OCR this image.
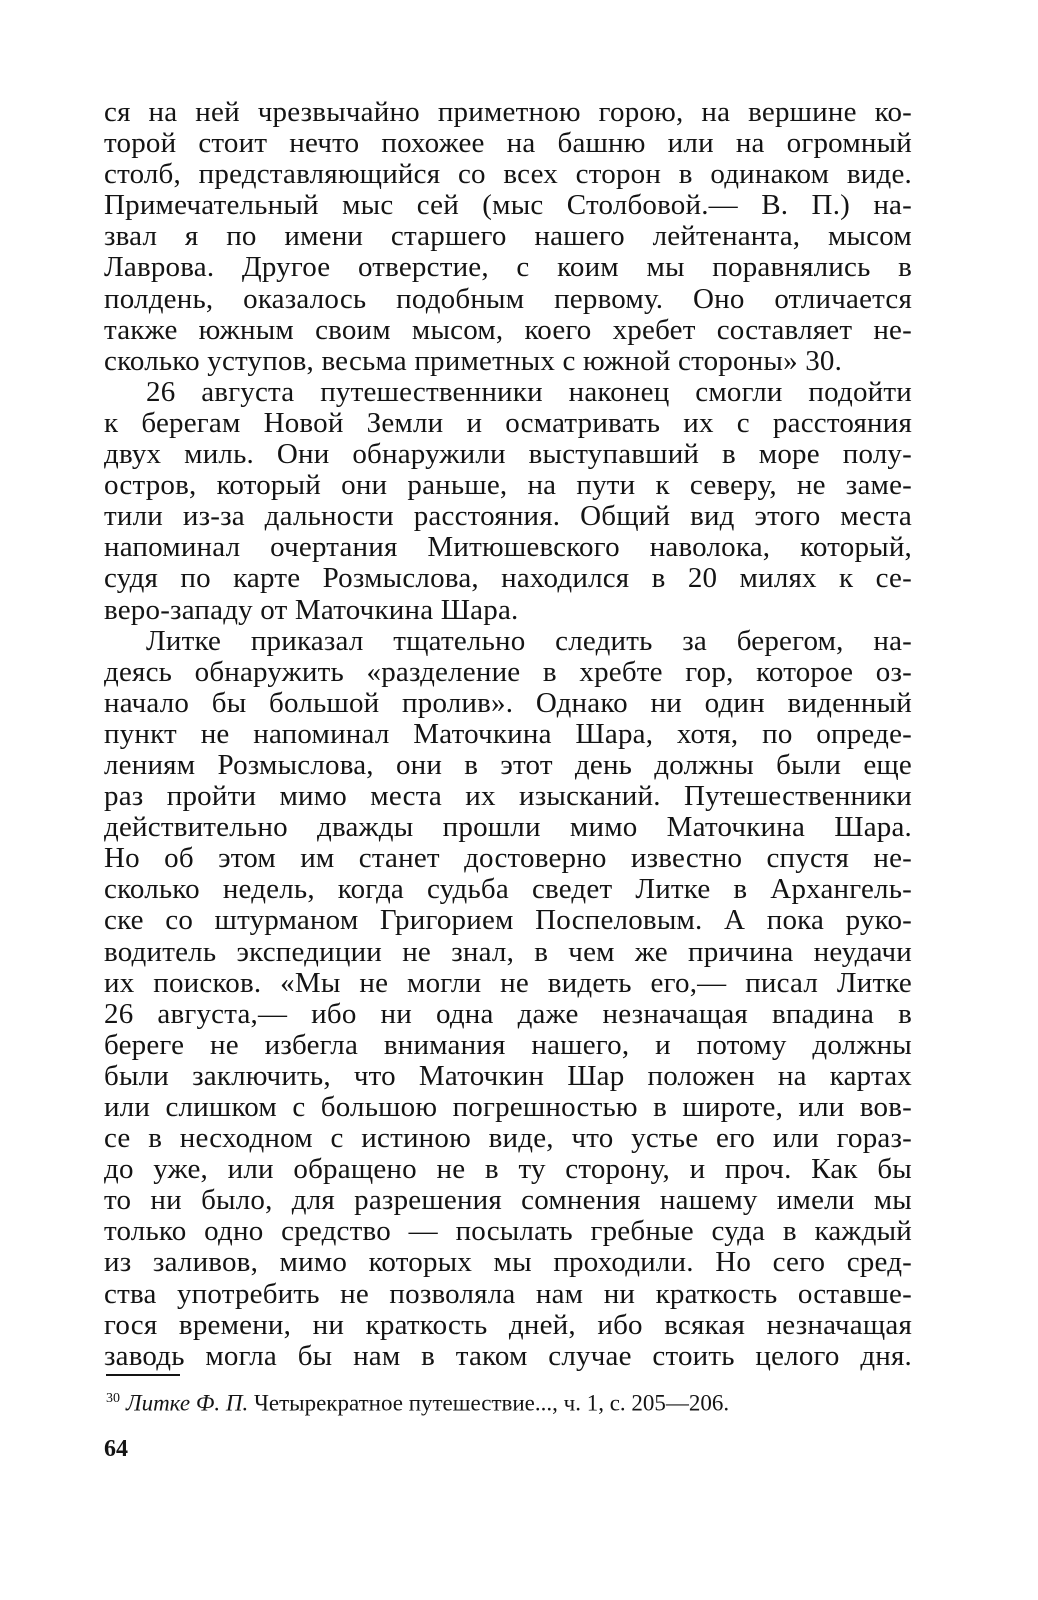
ся на ней чрезвычайно приметною горою, на вершине ко-
торой стоит нечто похожее на башню или на огромный
столб, представляющийся со всех сторон в одинаком виде.
Примечательный мыс сей (мыс Столбовой.— В. П.) на-
звал я по имени старшего нашего лейтенанта, мысом
Лаврова. Другое отверстие, с коим мы поравнялись в
полдень, оказалось подобным первому. Оно отличается
также южным своим мысом, коего хребет составляет не-
сколько уступов, весьма приметных с южной стороны» 30.
26 августа путешественники наконец смогли подойти
к берегам Новой Земли и осматривать их с расстояния
двух миль. Они обнаружили выступавший в море полу-
остров, который они раньше, на пути к северу, не заме-
тили из-за дальности расстояния. Общий вид этого места
напоминал очертания Митюшевского наволока, который,
судя по карте Розмыслова, находился в 20 милях к се-
веро-западу от Маточкина Шара.
Литке приказал тщательно следить за берегом, на-
деясь обнаружить «разделение в хребте гор, которое оз-
начало бы большой пролив». Однако ни один виденный
пункт не напоминал Маточкина Шара, хотя, по опреде-
лениям Розмыслова, они в этот день должны были еще
раз пройти мимо места их изысканий. Путешественники
действительно дважды прошли мимо Маточкина Шара.
Но об этом им станет достоверно известно спустя не-
сколько недель, когда судьба сведет Литке в Архангель-
ске со штурманом Григорием Поспеловым. А пока руко-
водитель экспедиции не знал, в чем же причина неудачи
их поисков. «Мы не могли не видеть его,— писал Литке
26 августа,— ибо ни одна даже незначащая впадина в
береге не избегла внимания нашего, и потому должны
были заключить, что Маточкин Шар положен на картах
или слишком с большою погрешностью в широте, или вов-
се в несходном с истиною виде, что устье его или горaз-
до уже, или обращено не в ту сторону, и проч. Как бы
то ни было, для разрешения сомнения нашему имели мы
только одно средство — посылать гребные суда в каждый
из заливов, мимо которых мы проходили. Но сего сред-
ства употребить не позволяла нам ни краткость оставше-
гося времени, ни краткость дней, ибо всякая незначащая
заводь могла бы нам в таком случае стоить целого дня.
$^{30}$ Литке Ф. П. Четырекратное путешествие..., ч. 1, с. 205—206.
64
